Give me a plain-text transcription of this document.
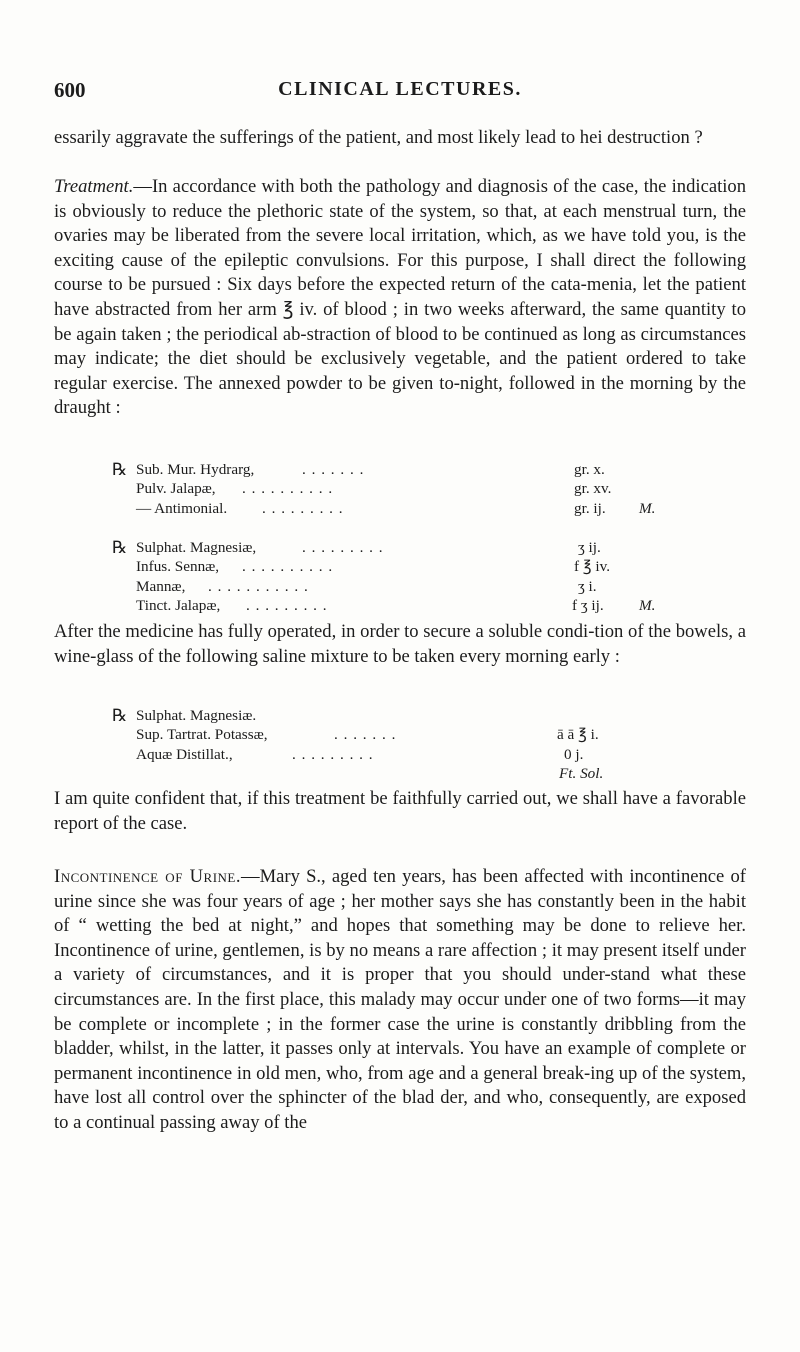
600	CLINICAL LECTURES.

essarily aggravate the sufferings of the patient, and most likely lead to hei destruction ?

Treatment.—In accordance with both the pathology and diagnosis of the case, the indication is obviously to reduce the plethoric state of the system, so that, at each menstrual turn, the ovaries may be liberated from the severe local irritation, which, as we have told you, is the exciting cause of the epileptic convulsions. For this purpose, I shall direct the following course to be pursued : Six days before the expected return of the cata-menia, let the patient have abstracted from her arm ℥ iv. of blood ; in two weeks afterward, the same quantity to be again taken ; the periodical ab-straction of blood to be continued as long as circumstances may indicate; the diet should be exclusively vegetable, and the patient ordered to take regular exercise. The annexed powder to be given to-night, followed in the morning by the draught :

℞ Sub. Mur. Hydrarg,	. . . . . . .	gr. x.
Pulv. Jalapæ, . . . . . . . . . .	gr. xv.
— Antimonial. . . . . . . . . .	gr. ij. M.
℞ Sulphat. Magnesiæ,	. . . . . . . . .	ʒ ij.
Infus. Sennæ, . . . . . . . . . .	f ℥ iv.
Mannæ, . . . . . . . . . . .	ʒ i.
Tinct. Jalapæ, . . . . . . . . .	f ʒ ij. M.

After the medicine has fully operated, in order to secure a soluble condi-tion of the bowels, a wine-glass of the following saline mixture to be taken every morning early :

℞ Sulphat. Magnesiæ.
Sup. Tartrat. Potassæ,	. . . . . . .	ā ā ℥ i.
Aquæ Distillat.,	. . . . . . . . .	0 j.
Ft. Sol.

I am quite confident that, if this treatment be faithfully carried out, we shall have a favorable report of the case.

Incontinence of Urine.—Mary S., aged ten years, has been affected with incontinence of urine since she was four years of age ; her mother says she has constantly been in the habit of “ wetting the bed at night,” and hopes that something may be done to relieve her. Incontinence of urine, gentlemen, is by no means a rare affection ; it may present itself under a variety of circumstances, and it is proper that you should under-stand what these circumstances are. In the first place, this malady may occur under one of two forms—it may be complete or incomplete ; in the former case the urine is constantly dribbling from the bladder, whilst, in the latter, it passes only at intervals. You have an example of complete or permanent incontinence in old men, who, from age and a general break-ing up of the system, have lost all control over the sphincter of the blad der, and who, consequently, are exposed to a continual passing away of the
